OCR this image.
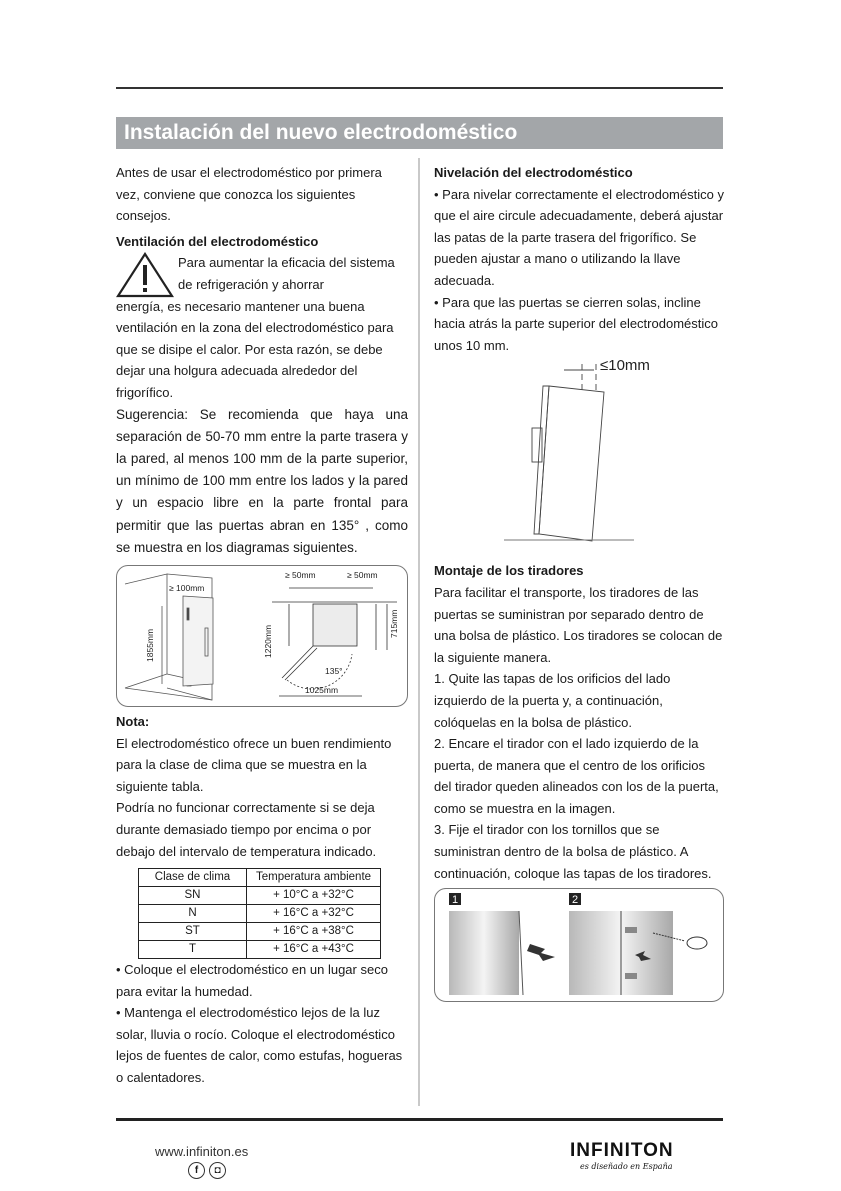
Instalación del nuevo electrodoméstico

Antes de usar el electrodoméstico por primera vez, conviene que conozca los siguientes consejos.

Ventilación del electrodoméstico

Para aumentar la eficacia del sistema de refrigeración y ahorrar

energía, es necesario mantener una buena ventilación en la zona del electrodoméstico para que se disipe el calor. Por esta razón, se debe dejar una holgura adecuada alrededor del frigorífico.

Sugerencia: Se recomienda que haya una separación de 50-70 mm entre la parte trasera y la pared, al menos 100 mm de la parte superior, un mínimo de 100 mm entre los lados y la pared y un espacio libre en la parte frontal para permitir que las puertas abran en 135° , como se muestra en los diagramas siguientes.

≥ 100mm
1855mm
≥ 50mm	≥ 50mm
1220mm
715mm
135°
1025mm

Nota:

El electrodoméstico ofrece un buen rendimiento para la clase de clima que se muestra en la siguiente tabla.

Podría no funcionar correctamente si se deja durante demasiado tiempo por encima o por debajo del intervalo de temperatura indicado.

Clase de clima	Temperatura ambiente
SN	+ 10°C a +32°C
N	+ 16°C a +32°C
ST	+ 16°C a +38°C
T	+ 16°C a +43°C

• Coloque el electrodoméstico en un lugar seco para evitar la humedad.

• Mantenga el electrodoméstico lejos de la luz solar, lluvia o rocío. Coloque el electrodoméstico lejos de fuentes de calor, como estufas, hogueras o calentadores.

Nivelación del electrodoméstico

• Para nivelar correctamente el electrodoméstico y que el aire circule adecuadamente, deberá ajustar las patas de la parte trasera del frigorífico. Se pueden ajustar a mano o utilizando la llave adecuada.

• Para que las puertas se cierren solas, incline hacia atrás la parte superior del electrodoméstico unos 10 mm.

≤10mm

Montaje de los tiradores

Para facilitar el transporte, los tiradores de las puertas se suministran por separado dentro de una bolsa de plástico. Los tiradores se colocan de la siguiente manera.

1. Quite las tapas de los orificios del lado izquierdo de la puerta y, a continuación, colóquelas en la bolsa de plástico.

2. Encare el tirador con el lado izquierdo de la puerta, de manera que el centro de los orificios del tirador queden alineados con los de la puerta, como se muestra en la imagen.

3. Fije el tirador con los tornillos que se suministran dentro de la bolsa de plástico. A continuación, coloque las tapas de los tiradores.

1	2
www.infiniton.es
f	◘
INFINITON
es diseñado en España
